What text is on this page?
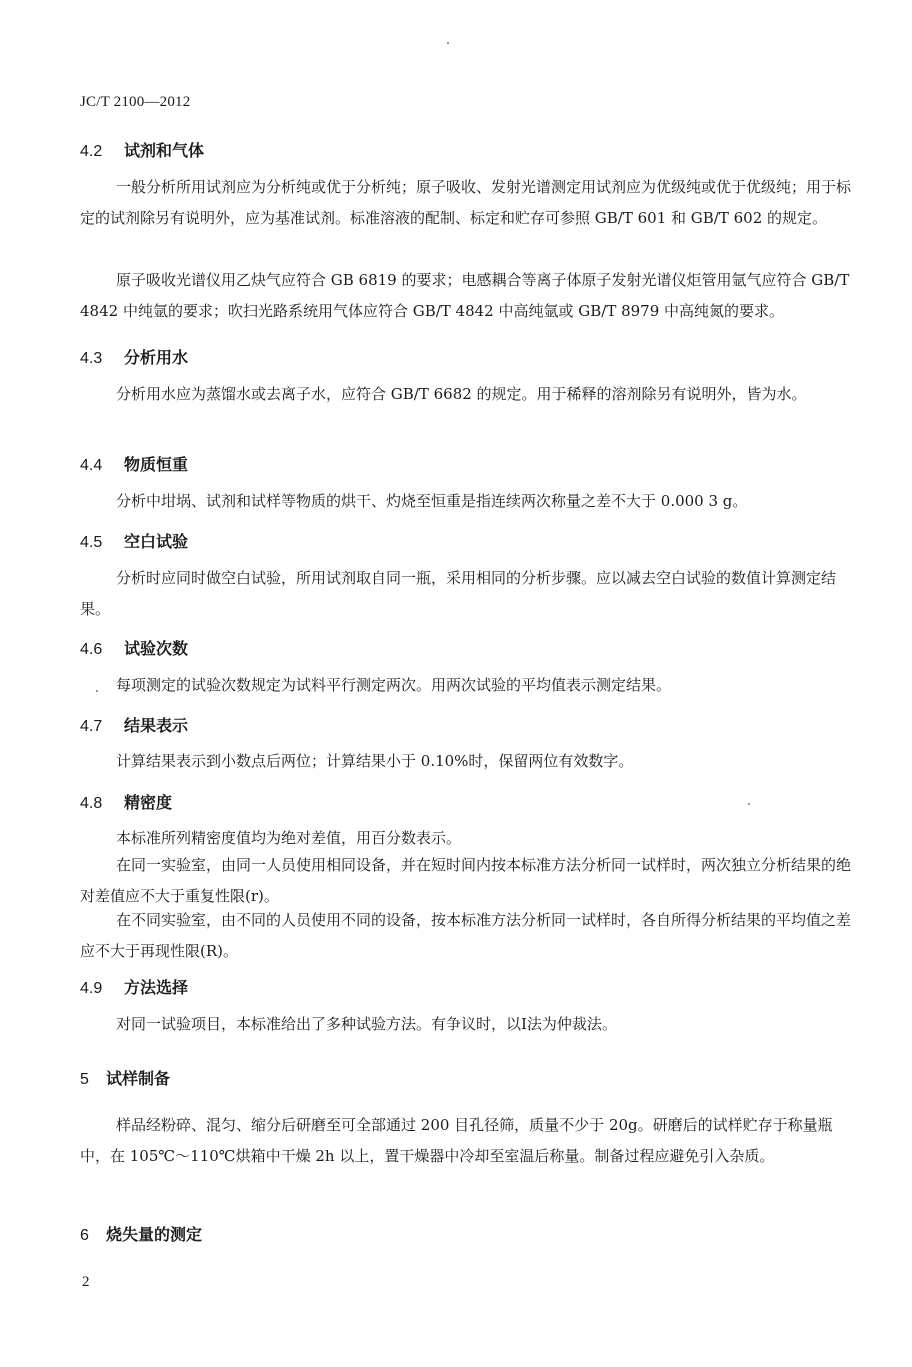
JC/T 2100—2012
4.2 试剂和气体
一般分析所用试剂应为分析纯或优于分析纯；原子吸收、发射光谱测定用试剂应为优级纯或优于优级纯；用于标定的试剂除另有说明外，应为基准试剂。标准溶液的配制、标定和贮存可参照 GB/T 601 和 GB/T 602 的规定。
原子吸收光谱仪用乙炔气应符合 GB 6819 的要求；电感耦合等离子体原子发射光谱仪炬管用氩气应符合 GB/T 4842 中纯氩的要求；吹扫光路系统用气体应符合 GB/T 4842 中高纯氩或 GB/T 8979 中高纯氮的要求。
4.3 分析用水
分析用水应为蒸馏水或去离子水，应符合 GB/T 6682 的规定。用于稀释的溶剂除另有说明外，皆为水。
4.4 物质恒重
分析中坩埚、试剂和试样等物质的烘干、灼烧至恒重是指连续两次称量之差不大于 0.000 3 g。
4.5 空白试验
分析时应同时做空白试验，所用试剂取自同一瓶，采用相同的分析步骤。应以减去空白试验的数值计算测定结果。
4.6 试验次数
每项测定的试验次数规定为试料平行测定两次。用两次试验的平均值表示测定结果。
4.7 结果表示
计算结果表示到小数点后两位；计算结果小于 0.10%时，保留两位有效数字。
4.8 精密度
本标准所列精密度值均为绝对差值，用百分数表示。
在同一实验室，由同一人员使用相同设备，并在短时间内按本标准方法分析同一试样时，两次独立分析结果的绝对差值应不大于重复性限(r)。
在不同实验室，由不同的人员使用不同的设备，按本标准方法分析同一试样时，各自所得分析结果的平均值之差应不大于再现性限(R)。
4.9 方法选择
对同一试验项目，本标准给出了多种试验方法。有争议时，以Ⅰ法为仲裁法。
5 试样制备
样品经粉碎、混匀、缩分后研磨至可全部通过 200 目孔径筛，质量不少于 20g。研磨后的试样贮存于称量瓶中，在 105℃～110℃烘箱中干燥 2h 以上，置干燥器中冷却至室温后称量。制备过程应避免引入杂质。
6 烧失量的测定
2
